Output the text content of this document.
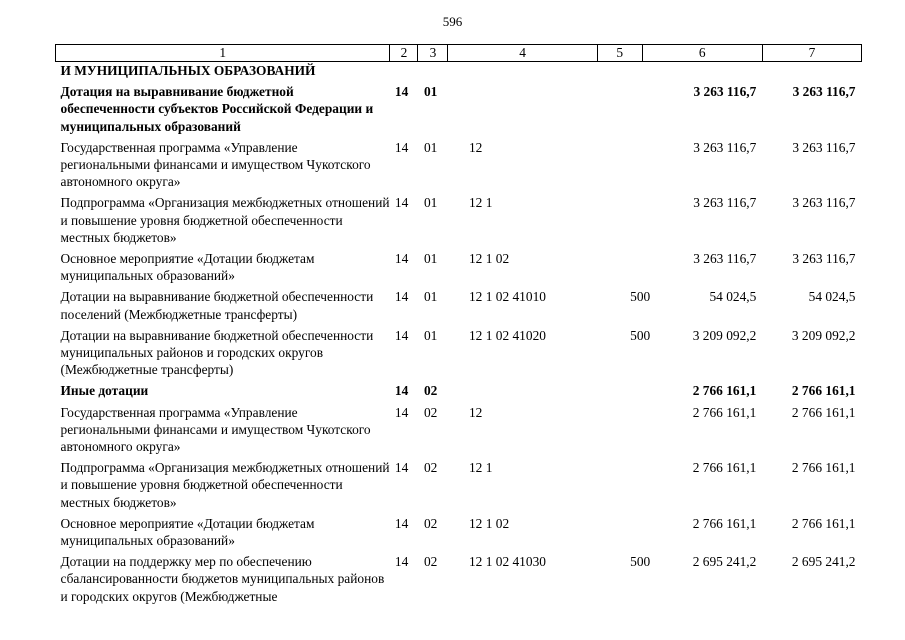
596
1	2	3	4	5	6	7
И МУНИЦИПАЛЬНЫХ ОБРАЗОВАНИЙ						

Дотация на выравнивание бюджетной обеспеченности субъектов Российской Федерации и муниципальных образований	14	01			3 263 116,7	3 263 116,7

Государственная программа «Управление региональными финансами и имуществом Чукотского автономного округа»	14	01	12		3 263 116,7	3 263 116,7

Подпрограмма «Организация межбюджетных отношений и повышение уровня бюджетной обеспеченности местных бюджетов»	14	01	12 1		3 263 116,7	3 263 116,7

Основное мероприятие «Дотации бюджетам муниципальных образований»	14	01	12 1 02		3 263 116,7	3 263 116,7

Дотации на выравнивание бюджетной обеспеченности поселений (Межбюджетные трансферты)	14	01	12 1 02 41010	500	54 024,5	54 024,5

Дотации на выравнивание бюджетной обеспеченности муниципальных районов и городских округов (Межбюджетные трансферты)	14	01	12 1 02 41020	500	3 209 092,2	3 209 092,2

Иные дотации	14	02			2 766 161,1	2 766 161,1

Государственная программа «Управление региональными финансами и имуществом Чукотского автономного округа»	14	02	12		2 766 161,1	2 766 161,1

Подпрограмма «Организация межбюджетных отношений и повышение уровня бюджетной обеспеченности местных бюджетов»	14	02	12 1		2 766 161,1	2 766 161,1

Основное мероприятие «Дотации бюджетам муниципальных образований»	14	02	12 1 02		2 766 161,1	2 766 161,1

Дотации на поддержку мер по обеспечению сбалансированности бюджетов муниципальных районов и городских округов (Межбюджетные	14	02	12 1 02 41030	500	2 695 241,2	2 695 241,2
